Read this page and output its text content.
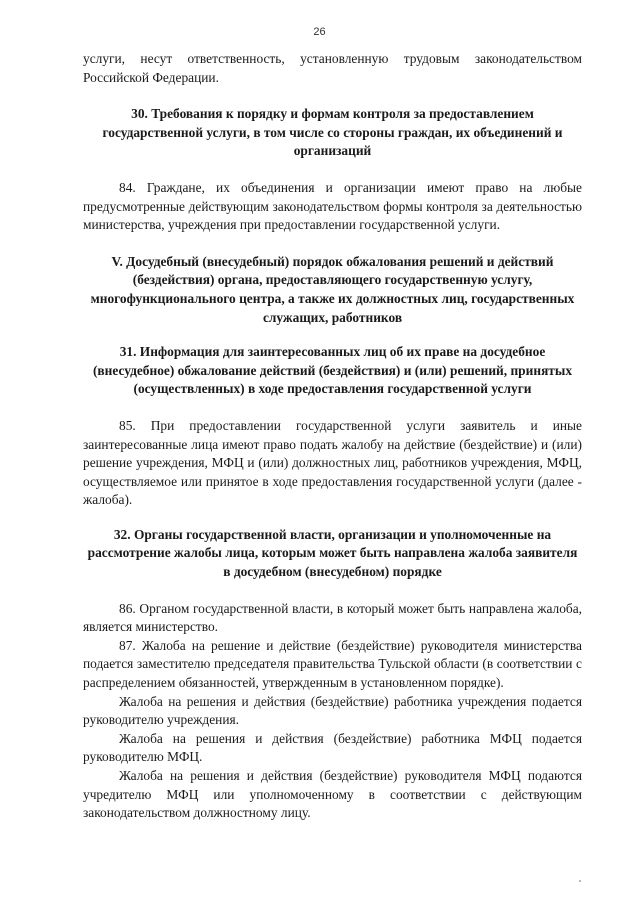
26

услуги, несут ответственность, установленную трудовым законодательством Российской Федерации.

30. Требования к порядку и формам контроля за предоставлением государственной услуги, в том числе со стороны граждан, их объединений и организаций

84. Граждане, их объединения и организации имеют право на любые предусмотренные действующим законодательством формы контроля за деятельностью министерства, учреждения при предоставлении государственной услуги.

V. Досудебный (внесудебный) порядок обжалования решений и действий (бездействия) органа, предоставляющего государственную услугу, многофункционального центра, а также их должностных лиц, государственных служащих, работников
31. Информация для заинтересованных лиц об их праве на досудебное (внесудебное) обжалование действий (бездействия) и (или) решений, принятых (осуществленных) в ходе предоставления государственной услуги

85. При предоставлении государственной услуги заявитель и иные заинтересованные лица имеют право подать жалобу на действие (бездействие) и (или) решение учреждения, МФЦ и (или) должностных лиц, работников учреждения, МФЦ, осуществляемое или принятое в ходе предоставления государственной услуги (далее - жалоба).

32. Органы государственной власти, организации и уполномоченные на рассмотрение жалобы лица, которым может быть направлена жалоба заявителя в досудебном (внесудебном) порядке

86. Органом государственной власти, в который может быть направлена жалоба, является министерство.

87. Жалоба на решение и действие (бездействие) руководителя министерства подается заместителю председателя правительства Тульской области (в соответствии с распределением обязанностей, утвержденным в установленном порядке).

Жалоба на решения и действия (бездействие) работника учреждения подается руководителю учреждения.

Жалоба на решения и действия (бездействие) работника МФЦ подается руководителю МФЦ.

Жалоба на решения и действия (бездействие) руководителя МФЦ подаются учредителю МФЦ или уполномоченному в соответствии с действующим законодательством должностному лицу.
